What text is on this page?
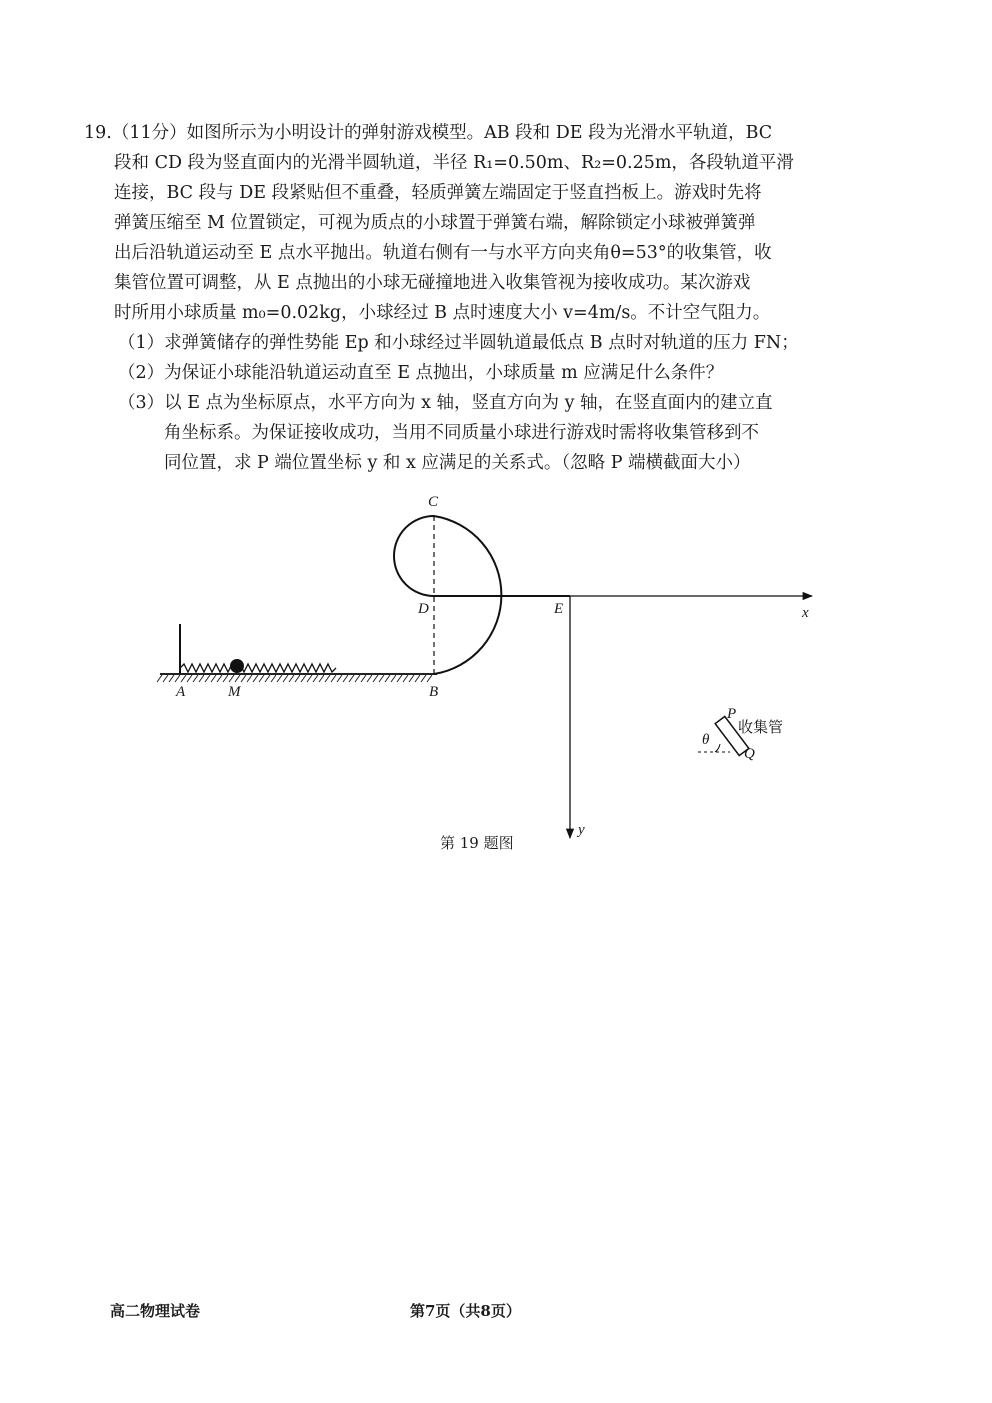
19.（11分）如图所示为小明设计的弹射游戏模型。AB 段和 DE 段为光滑水平轨道，BC
段和 CD 段为竖直面内的光滑半圆轨道，半径 R₁=0.50m、R₂=0.25m，各段轨道平滑
连接，BC 段与 DE 段紧贴但不重叠，轻质弹簧左端固定于竖直挡板上。游戏时先将
弹簧压缩至 M 位置锁定，可视为质点的小球置于弹簧右端，解除锁定小球被弹簧弹
出后沿轨道运动至 E 点水平抛出。轨道右侧有一与水平方向夹角θ=53°的收集管，收
集管位置可调整，从 E 点抛出的小球无碰撞地进入收集管视为接收成功。某次游戏
时所用小球质量 m₀=0.02kg，小球经过 B 点时速度大小 v=4m/s。不计空气阻力。
（1）求弹簧储存的弹性势能 Ep 和小球经过半圆轨道最低点 B 点时对轨道的压力 FN；
（2）为保证小球能沿轨道运动直至 E 点抛出，小球质量 m 应满足什么条件？
（3）以 E 点为坐标原点，水平方向为 x 轴，竖直方向为 y 轴，在竖直面内的建立直
角坐标系。为保证接收成功，当用不同质量小球进行游戏时需将收集管移到不
同位置，求 P 端位置坐标 y 和 x 应满足的关系式。（忽略 P 端横截面大小）
C
D	E	x
y
A	M	B
P
Q
θ
收集管
第 19 题图
高二物理试卷	第7页（共8页）
